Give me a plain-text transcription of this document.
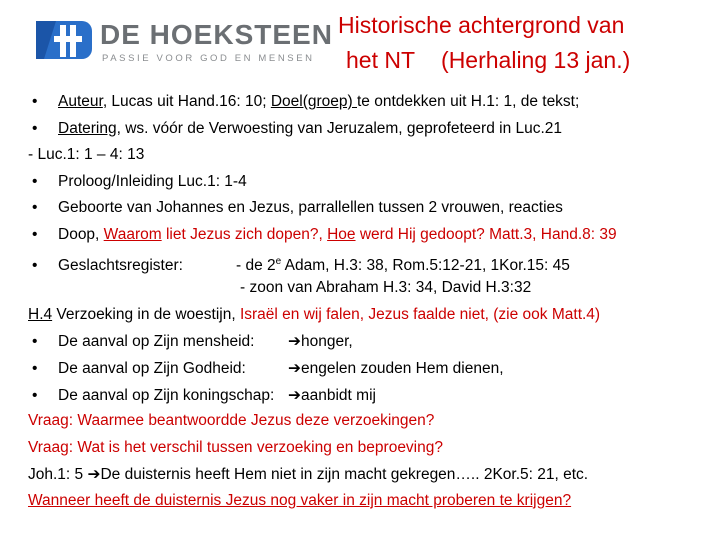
DE HOEKSTEEN
PASSIE VOOR GOD EN MENSEN
Historische achtergrond van
het NT (Herhaling 13 jan.)
• Auteur, Lucas uit Hand.16: 10; Doel(groep) te ontdekken uit H.1: 1, de tekst;
• Datering, ws. vóór de Verwoesting van Jeruzalem, geprofeteerd in Luc.21
- Luc.1: 1 – 4: 13
• Proloog/Inleiding Luc.1: 1-4
• Geboorte van Johannes en Jezus, parrallellen tussen 2 vrouwen, reacties
• Doop, Waarom liet Jezus zich dopen?, Hoe werd Hij gedoopt? Matt.3, Hand.8: 39
• Geslachtsregister:	- de 2e Adam, H.3: 38, Rom.5:12-21, 1Kor.15: 45
- zoon van Abraham H.3: 34, David H.3:32
H.4 Verzoeking in de woestijn, Israël en wij falen, Jezus faalde niet, (zie ook Matt.4)
• De aanval op Zijn mensheid: ➔honger,
• De aanval op Zijn Godheid:	➔engelen zouden Hem dienen,
• De aanval op Zijn koningschap: ➔aanbidt mij
Vraag: Waarmee beantwoordde Jezus deze verzoekingen?
Vraag: Wat is het verschil tussen verzoeking en beproeving?
Joh.1: 5 ➔De duisternis heeft Hem niet in zijn macht gekregen….. 2Kor.5: 21, etc.
Wanneer heeft de duisternis Jezus nog vaker in zijn macht proberen te krijgen?
